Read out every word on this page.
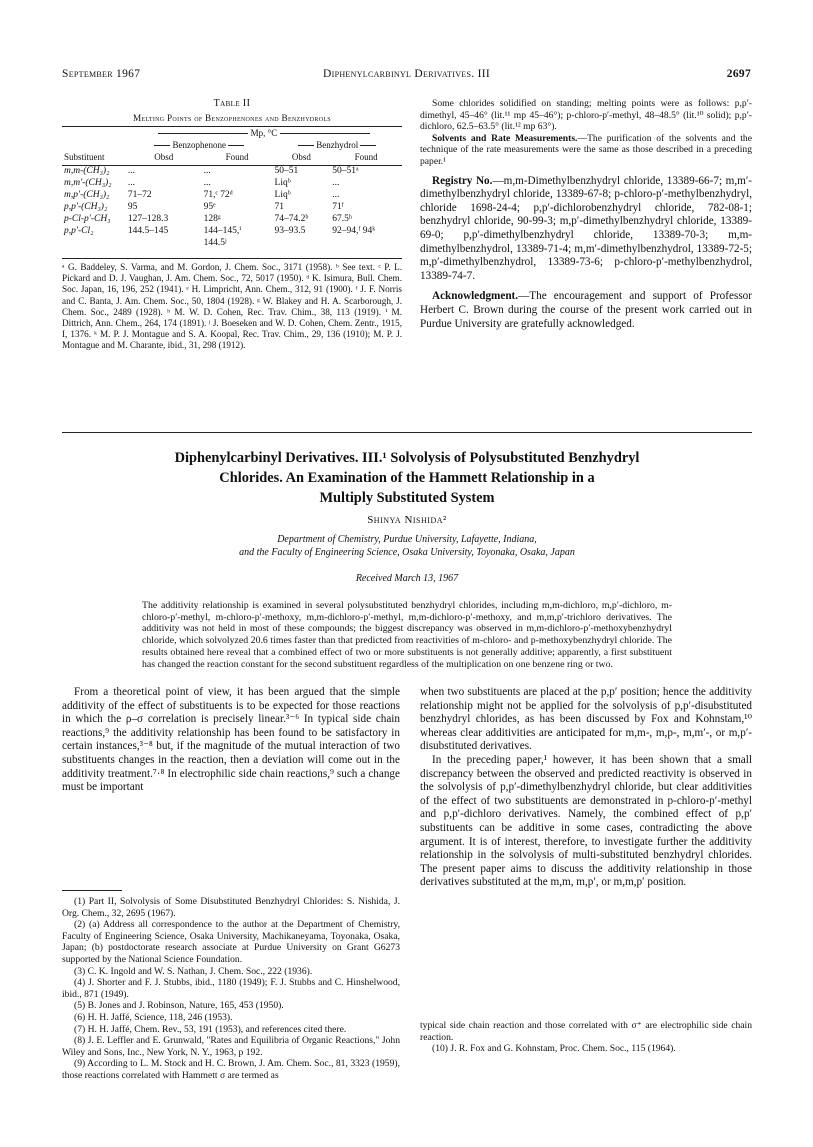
September 1967	Diphenylcarbinyl Derivatives. III	2697
Table II
Melting Points of Benzophenones and Benzhydrols
	Mp, °C			
	Benzophenone		Benzhydrol	
Substituent	Obsd	Found	Obsd	Found
m,m-(CH₃)₂	...	...	50–51	50–51ᵃ
m,m′-(CH₃)₂	...	...	Liqᵇ	...
m,p′-(CH₃)₂	71–72	71,ᶜ 72ᵈ	Liqᵇ	...
p,p′-(CH₃)₂	95	95ᵉ	71	71ᶠ
p-Cl-p′-CH₃	127–128.3	128ᵍ	74–74.2ᵇ	67.5ʰ
p,p′-Cl₂	144.5–145	144–145,ⁱ	93–93.5	92–94,ᶠ 94ᵏ
		144.5ʲ		
ᵃ G. Baddeley, S. Varma, and M. Gordon, J. Chem. Soc., 3171 (1958). ᵇ See text. ᶜ P. L. Pickard and D. J. Vaughan, J. Am. Chem. Soc., 72, 5017 (1950). ᵈ K. Isimura, Bull. Chem. Soc. Japan, 16, 196, 252 (1941). ᵉ H. Limpricht, Ann. Chem., 312, 91 (1900). ᶠ J. F. Norris and C. Banta, J. Am. Chem. Soc., 50, 1804 (1928). ᵍ W. Blakey and H. A. Scarborough, J. Chem. Soc., 2489 (1928). ʰ M. W. D. Cohen, Rec. Trav. Chim., 38, 113 (1919). ⁱ M. Dittrich, Ann. Chem., 264, 174 (1891). ʲ J. Boeseken and W. D. Cohen, Chem. Zentr., 1915, I, 1376. ᵏ M. P. J. Montague and S. A. Koopal, Rec. Trav. Chim., 29, 136 (1910); M. P. J. Montague and M. Charante, ibid., 31, 298 (1912).

Some chlorides solidified on standing; melting points were as follows: p,p′-dimethyl, 45–46° (lit.¹¹ mp 45–46°); p-chloro-p′-methyl, 48–48.5° (lit.¹⁰ solid); p,p′-dichloro, 62.5–63.5° (lit.¹² mp 63°).

Solvents and Rate Measurements.—The purification of the solvents and the technique of the rate measurements were the same as those described in a preceding paper.¹

Registry No.—m,m-Dimethylbenzhydryl chloride, 13389-66-7; m,m′-dimethylbenzhydryl chloride, 13389-67-8; p-chloro-p′-methylbenzhydryl, chloride 1698-24-4; p,p′-dichlorobenzhydryl chloride, 782-08-1; benzhydryl chloride, 90-99-3; m,p′-dimethylbenzhydryl chloride, 13389-69-0; p,p′-dimethylbenzhydryl chloride, 13389-70-3; m,m-dimethylbenzhydrol, 13389-71-4; m,m′-dimethylbenzhydrol, 13389-72-5; m,p′-dimethylbenzhydrol, 13389-73-6; p-chloro-p′-methylbenzhydrol, 13389-74-7.

Acknowledgment.—The encouragement and support of Professor Herbert C. Brown during the course of the present work carried out in Purdue University are gratefully acknowledged.

Diphenylcarbinyl Derivatives. III.¹ Solvolysis of Polysubstituted Benzhydryl
Chlorides. An Examination of the Hammett Relationship in a
Multiply Substituted System
Shinya Nishida²
Department of Chemistry, Purdue University, Lafayette, Indiana,
and the Faculty of Engineering Science, Osaka University, Toyonaka, Osaka, Japan
Received March 13, 1967
The additivity relationship is examined in several polysubstituted benzhydryl chlorides, including m,m-dichloro, m,p′-dichloro, m-chloro-p′-methyl, m-chloro-p′-methoxy, m,m-dichloro-p′-methyl, m,m-dichloro-p′-methoxy, and m,m,p′-trichloro derivatives. The additivity was not held in most of these compounds; the biggest discrepancy was observed in m,m-dichloro-p′-methoxybenzhydryl chloride, which solvolyzed 20.6 times faster than that predicted from reactivities of m-chloro- and p-methoxybenzhydryl chloride. The results obtained here reveal that a combined effect of two or more substituents is not generally additive; apparently, a first substituent has changed the reaction constant for the second substituent regardless of the multiplication on one benzene ring or two.

From a theoretical point of view, it has been argued that the simple additivity of the effect of substituents is to be expected for those reactions in which the ρ–σ correlation is precisely linear.³⁻⁶ In typical side chain reactions,⁹ the additivity relationship has been found to be satisfactory in certain instances,³⁻⁸ but, if the magnitude of the mutual interaction of two substituents changes in the reaction, then a deviation will come out in the additivity treatment.⁷·⁸ In electrophilic side chain reactions,⁹ such a change must be important

when two substituents are placed at the p,p′ position; hence the additivity relationship might not be applied for the solvolysis of p,p′-disubstituted benzhydryl chlorides, as has been discussed by Fox and Kohnstam,¹⁰ whereas clear additivities are anticipated for m,m-, m,p-, m,m′-, or m,p′-disubstituted derivatives.

In the preceding paper,¹ however, it has been shown that a small discrepancy between the observed and predicted reactivity is observed in the solvolysis of p,p′-dimethylbenzhydryl chloride, but clear additivities of the effect of two substituents are demonstrated in p-chloro-p′-methyl and p,p′-dichloro derivatives. Namely, the combined effect of p,p′ substituents can be additive in some cases, contradicting the above argument. It is of interest, therefore, to investigate further the additivity relationship in the solvolysis of multi-substituted benzhydryl chlorides. The present paper aims to discuss the additivity relationship in those derivatives substituted at the m,m, m,p′, or m,m,p′ position.

(1) Part II, Solvolysis of Some Disubstituted Benzhydryl Chlorides: S. Nishida, J. Org. Chem., 32, 2695 (1967).

(2) (a) Address all correspondence to the author at the Department of Chemistry, Faculty of Engineering Science, Osaka University, Machikaneyama, Toyonaka, Osaka, Japan; (b) postdoctorate research associate at Purdue University on Grant G6273 supported by the National Science Foundation.

(3) C. K. Ingold and W. S. Nathan, J. Chem. Soc., 222 (1936).

(4) J. Shorter and F. J. Stubbs, ibid., 1180 (1949); F. J. Stubbs and C. Hinshelwood, ibid., 871 (1949).

(5) B. Jones and J. Robinson, Nature, 165, 453 (1950).

(6) H. H. Jaffé, Science, 118, 246 (1953).

(7) H. H. Jaffé, Chem. Rev., 53, 191 (1953), and references cited there.

(8) J. E. Leffler and E. Grunwald, "Rates and Equilibria of Organic Reactions," John Wiley and Sons, Inc., New York, N. Y., 1963, p 192.

(9) According to L. M. Stock and H. C. Brown, J. Am. Chem. Soc., 81, 3323 (1959), those reactions correlated with Hammett σ are termed as

typical side chain reaction and those correlated with σ⁺ are electrophilic side chain reaction.

(10) J. R. Fox and G. Kohnstam, Proc. Chem. Soc., 115 (1964).
